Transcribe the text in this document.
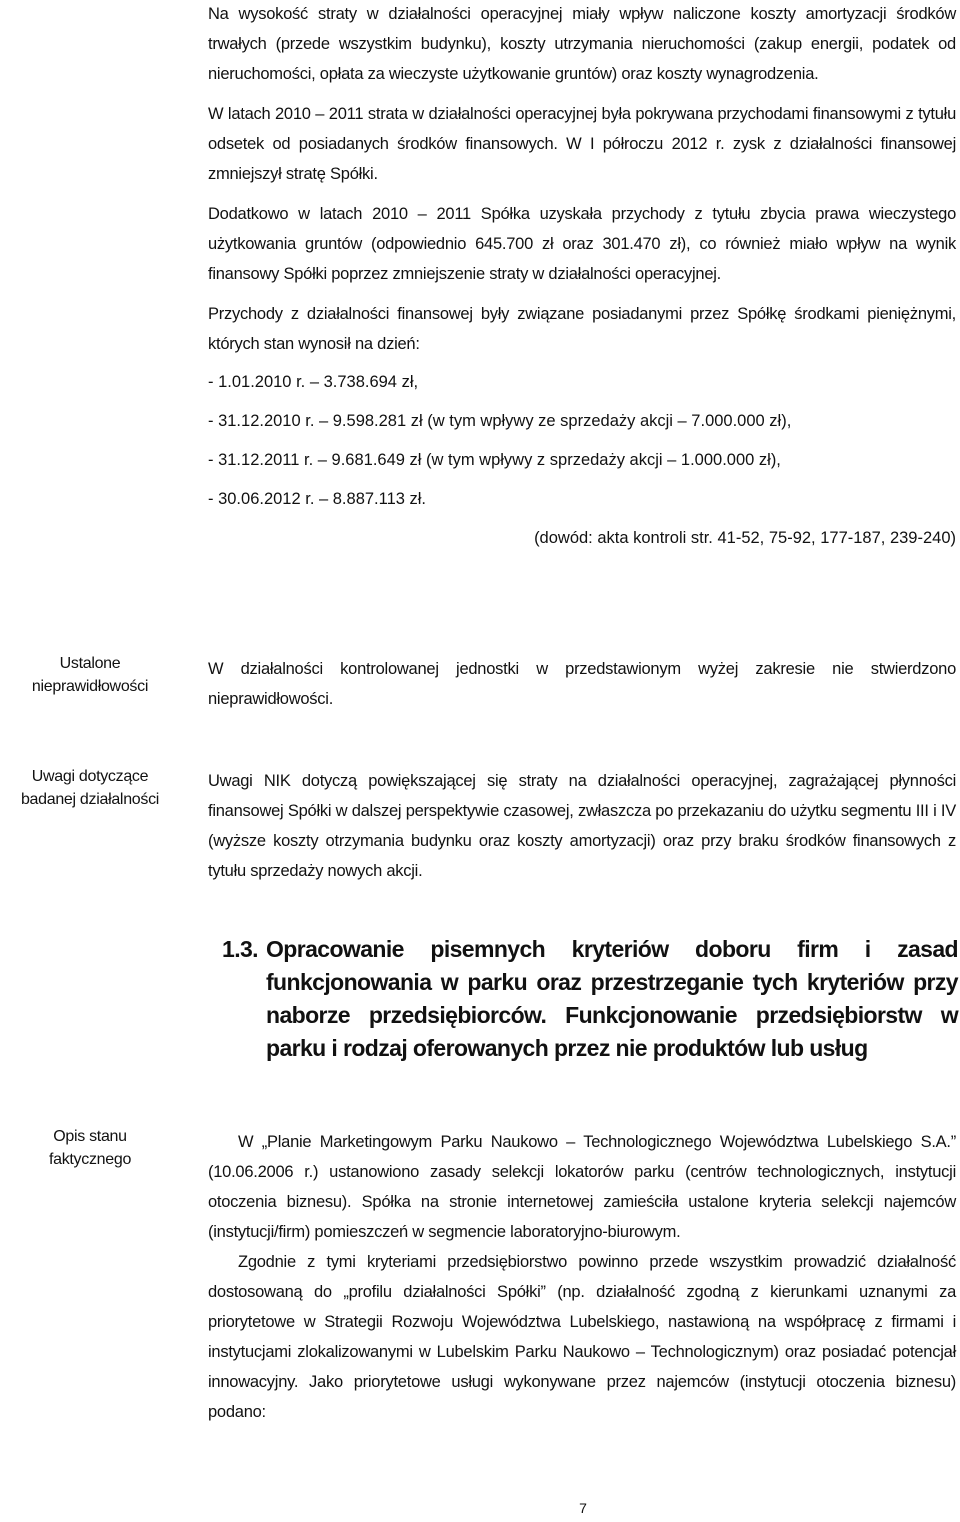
Na wysokość straty w działalności operacyjnej miały wpływ naliczone koszty amortyzacji środków trwałych (przede wszystkim budynku), koszty utrzymania nieruchomości (zakup energii, podatek od nieruchomości, opłata za wieczyste użytkowanie gruntów) oraz koszty wynagrodzenia.

W latach 2010 – 2011 strata w działalności operacyjnej była pokrywana przychodami finansowymi z tytułu odsetek od posiadanych środków finansowych. W I półroczu 2012 r. zysk z działalności finansowej zmniejszył stratę Spółki.

Dodatkowo w latach 2010 – 2011 Spółka uzyskała przychody z tytułu zbycia prawa wieczystego użytkowania gruntów (odpowiednio 645.700 zł oraz 301.470 zł), co również miało wpływ na wynik finansowy Spółki poprzez zmniejszenie straty w działalności operacyjnej.

Przychody z działalności finansowej były związane posiadanymi przez Spółkę środkami pieniężnymi, których stan wynosił na dzień:

- 1.01.2010 r. – 3.738.694 zł,

- 31.12.2010 r. – 9.598.281 zł (w tym wpływy ze sprzedaży akcji – 7.000.000 zł),

- 31.12.2011 r. – 9.681.649 zł (w tym wpływy z sprzedaży akcji – 1.000.000 zł),

- 30.06.2012 r. – 8.887.113 zł.

(dowód: akta kontroli str. 41-52, 75-92, 177-187, 239-240)

Ustalone
nieprawidłowości

W działalności kontrolowanej jednostki w przedstawionym wyżej zakresie nie stwierdzono nieprawidłowości.

Uwagi dotyczące
badanej działalności

Uwagi NIK dotyczą powiększającej się straty na działalności operacyjnej, zagrażającej płynności finansowej Spółki w dalszej perspektywie czasowej, zwłaszcza po przekazaniu do użytku segmentu III i IV (wyższe koszty otrzymania budynku oraz koszty amortyzacji) oraz przy braku środków finansowych z tytułu sprzedaży nowych akcji.

1.3. Opracowanie pisemnych kryteriów doboru firm i zasad funkcjonowania w parku oraz przestrzeganie tych kryteriów przy naborze przedsiębiorców. Funkcjonowanie przedsiębiorstw w parku i rodzaj oferowanych przez nie produktów lub usług
Opis stanu
faktycznego

W „Planie Marketingowym Parku Naukowo – Technologicznego Województwa Lubelskiego S.A.” (10.06.2006 r.) ustanowiono zasady selekcji lokatorów parku (centrów technologicznych, instytucji otoczenia biznesu). Spółka na stronie internetowej zamieściła ustalone kryteria selekcji najemców (instytucji/firm) pomieszczeń w segmencie laboratoryjno-biurowym.

Zgodnie z tymi kryteriami przedsiębiorstwo powinno przede wszystkim prowadzić działalność dostosowaną do „profilu działalności Spółki” (np. działalność zgodną z kierunkami uznanymi za priorytetowe w Strategii Rozwoju Województwa Lubelskiego, nastawioną na współpracę z firmami i instytucjami zlokalizowanymi w Lubelskim Parku Naukowo – Technologicznym) oraz posiadać potencjał innowacyjny. Jako priorytetowe usługi wykonywane przez najemców (instytucji otoczenia biznesu) podano:

7
